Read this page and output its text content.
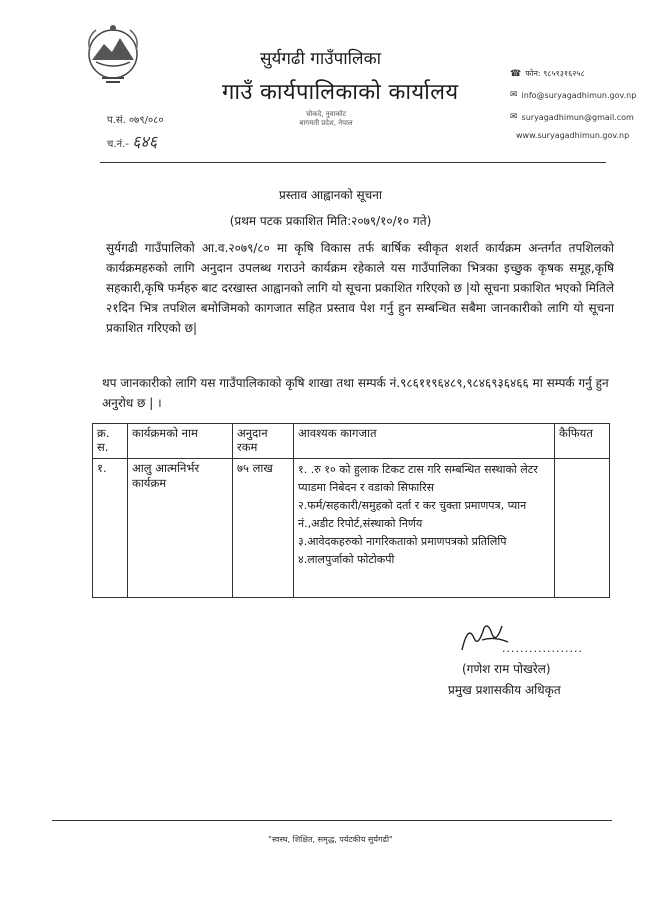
सुर्यगढी गाउँपालिका
गाउँ कार्यपालिकाको कार्यालय
चोकदे, नुवाकोट
बागमती प्रदेश, नेपाल
प.सं. ०७९/०८०
च.नं.- ६४६
☎ फोन: ९८५१३१६२५८
✉ info@suryagadhimun.gov.np
✉ suryagadhimun@gmail.com
www.suryagadhimun.gov.np
प्रस्ताव आह्वानको सूचना
(प्रथम पटक प्रकाशित मिति:२०७९/१०/१० गते)
सुर्यगढी गाउँपालिको आ.व.२०७९/८० मा कृषि विकास तर्फ बार्षिक स्वीकृत शशर्त कार्यक्रम अन्तर्गत तपशिलको कार्यक्रमहरुको लागि अनुदान उपलब्ध गराउने कार्यक्रम रहेकाले यस गाउँपालिका भित्रका इच्छुक कृषक समूह,कृषि सहकारी,कृषि फर्महरु बाट दरखास्त आह्वानको लागि यो सूचना प्रकाशित गरिएको छ |यो सूचना प्रकाशित भएको मितिले २१दिन भित्र तपशिल बमोजिमको कागजात सहित प्रस्ताव पेश गर्नु हुन सम्बन्धित सबैमा जानकारीको लागि यो सूचना प्रकाशित गरिएको छ|
थप जानकारीको लागि यस गाउँपालिकाको कृषि शाखा तथा सम्पर्क नं.९८६११९६४८९,९८४६९३६४६६ मा सम्पर्क गर्नु हुन अनुरोध छ | ।
क्र. स.	कार्यक्रमको नाम	अनुदान रकम	आवश्यक कागजात	कैफियत
१.	आलु आत्मनिर्भर कार्यक्रम	७५ लाख	१. .रु १० को हुलाक टिकट टास गरि सम्बन्धित सस्थाको लेटर प्याडमा निबेदन र वडाको सिफारिस
२.फर्म/सहकारी/समुहको दर्ता र कर चुक्ता प्रमाणपत्र, प्यान नं.,अडीट रिपोर्ट,संस्थाको निर्णय
३.आवेदकहरुको नागरिकताको प्रमाणपत्रको प्रतिलिपि
४.लालपुर्जाको फोटोकपी	

..................
(गणेश राम पोखरेल)
प्रमुख प्रशासकीय अधिकृत
"स्वस्थ, शिक्षित, समृद्ध, पर्यटकीय सुर्यगढी"
